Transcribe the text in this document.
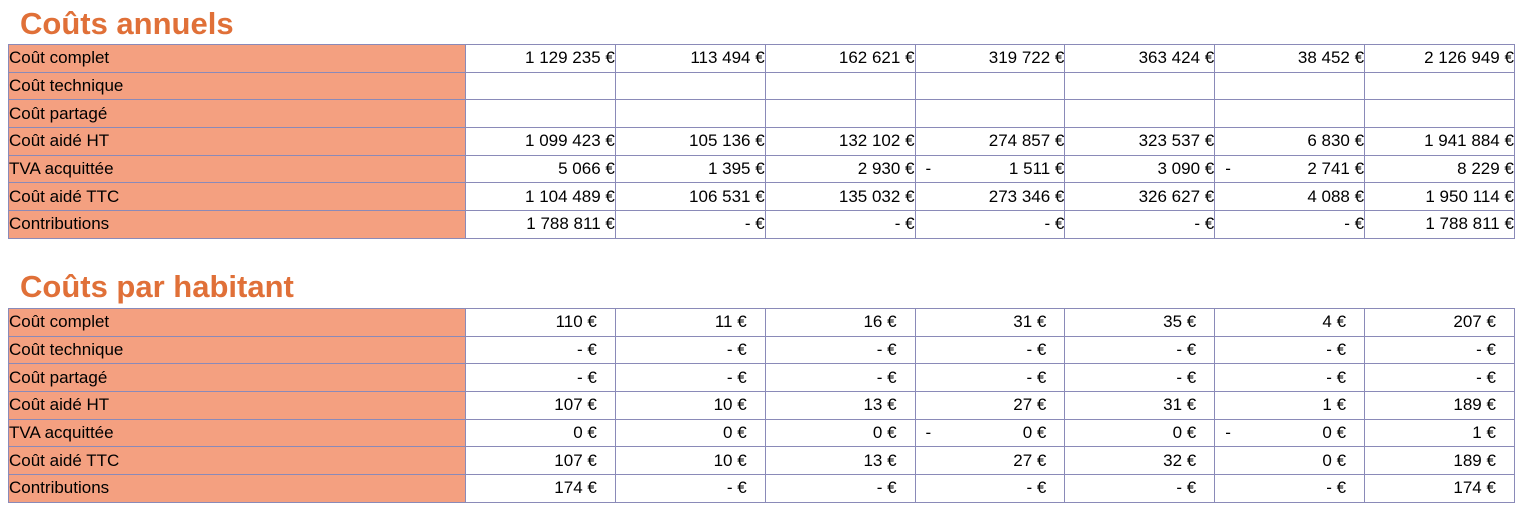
Coûts annuels
Coût complet	1 129 235 €	113 494 €	162 621 €	319 722 €	363 424 €	38 452 €	2 126 949 €
Coût technique							
Coût partagé							
Coût aidé HT	1 099 423 €	105 136 €	132 102 €	274 857 €	323 537 €	6 830 €	1 941 884 €
TVA acquittée	5 066 €	1 395 €	2 930 €	- 1 511 €	3 090 €	- 2 741 €	8 229 €
Coût aidé TTC	1 104 489 €	106 531 €	135 032 €	273 346 €	326 627 €	4 088 €	1 950 114 €
Contributions	1 788 811 €	- €	- €	- €	- €	- €	1 788 811 €
Coûts par habitant
Coût complet	110 €	11 €	16 €	31 €	35 €	4 €	207 €
Coût technique	- €	- €	- €	- €	- €	- €	- €
Coût partagé	- €	- €	- €	- €	- €	- €	- €
Coût aidé HT	107 €	10 €	13 €	27 €	31 €	1 €	189 €
TVA acquittée	0 €	0 €	0 €	- 0 €	0 €	- 0 €	1 €
Coût aidé TTC	107 €	10 €	13 €	27 €	32 €	0 €	189 €
Contributions	174 €	- €	- €	- €	- €	- €	174 €
